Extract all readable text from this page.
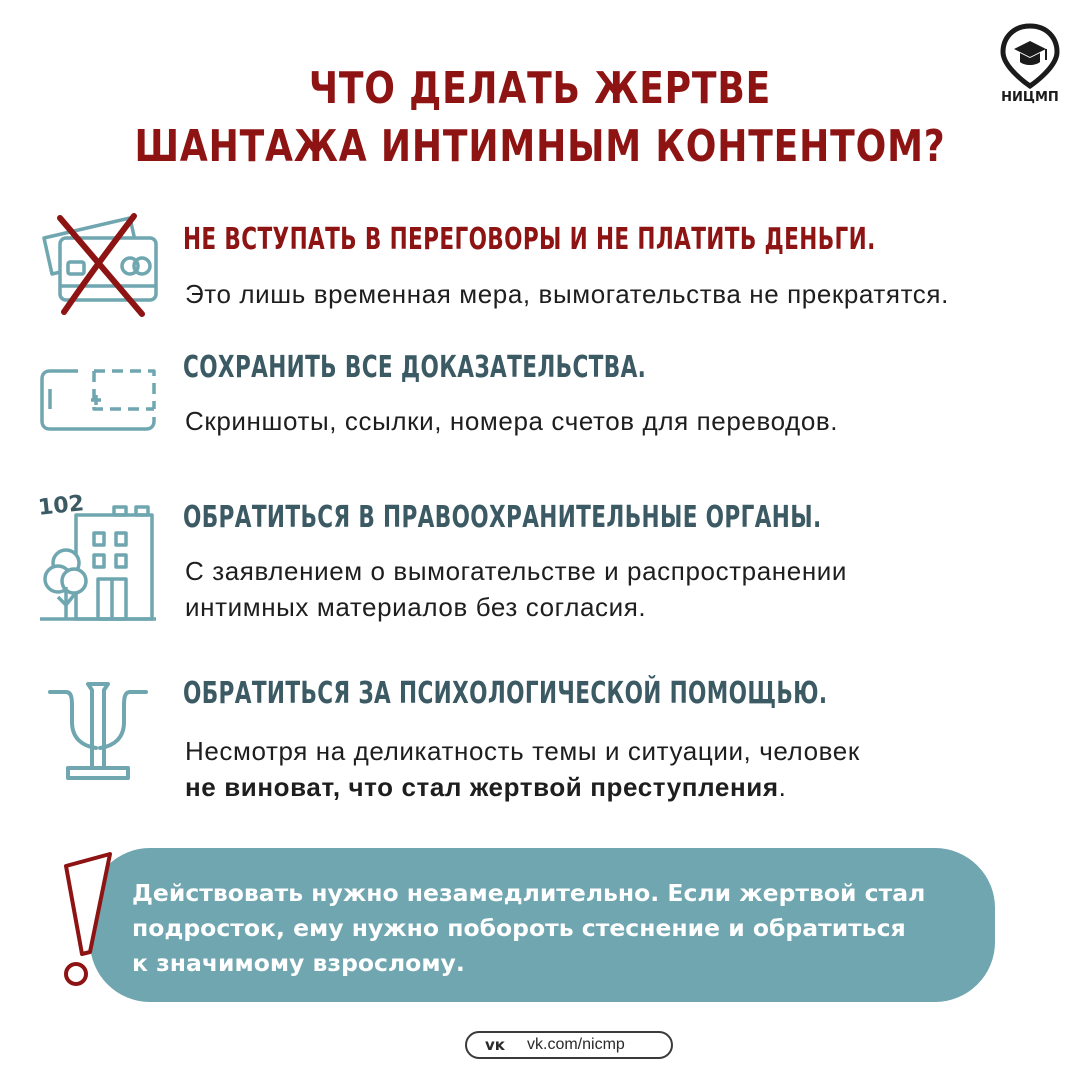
ЧТО ДЕЛАТЬ ЖЕРТВЕ
ШАНТАЖА ИНТИМНЫМ КОНТЕНТОМ?
НИЦМП
НЕ ВСТУПАТЬ В ПЕРЕГОВОРЫ И НЕ ПЛАТИТЬ ДЕНЬГИ.
Это лишь временная мера, вымогательства не прекратятся.
СОХРАНИТЬ ВСЕ ДОКАЗАТЕЛЬСТВА.
Скриншоты, ссылки, номера счетов для переводов.
102	ОБРАТИТЬСЯ В ПРАВООХРАНИТЕЛЬНЫЕ ОРГАНЫ.
С заявлением о вымогательстве и распространении
интимных материалов без согласия.
ОБРАТИТЬСЯ ЗА ПСИХОЛОГИЧЕСКОЙ ПОМОЩЬЮ.
Несмотря на деликатность темы и ситуации, человек
не виноват, что стал жертвой преступления.
Действовать нужно незамедлительно. Если жертвой стал
подросток, ему нужно побороть стеснение и обратиться
к значимому взрослому.
ᴠᴋ vk.com/nicmp
